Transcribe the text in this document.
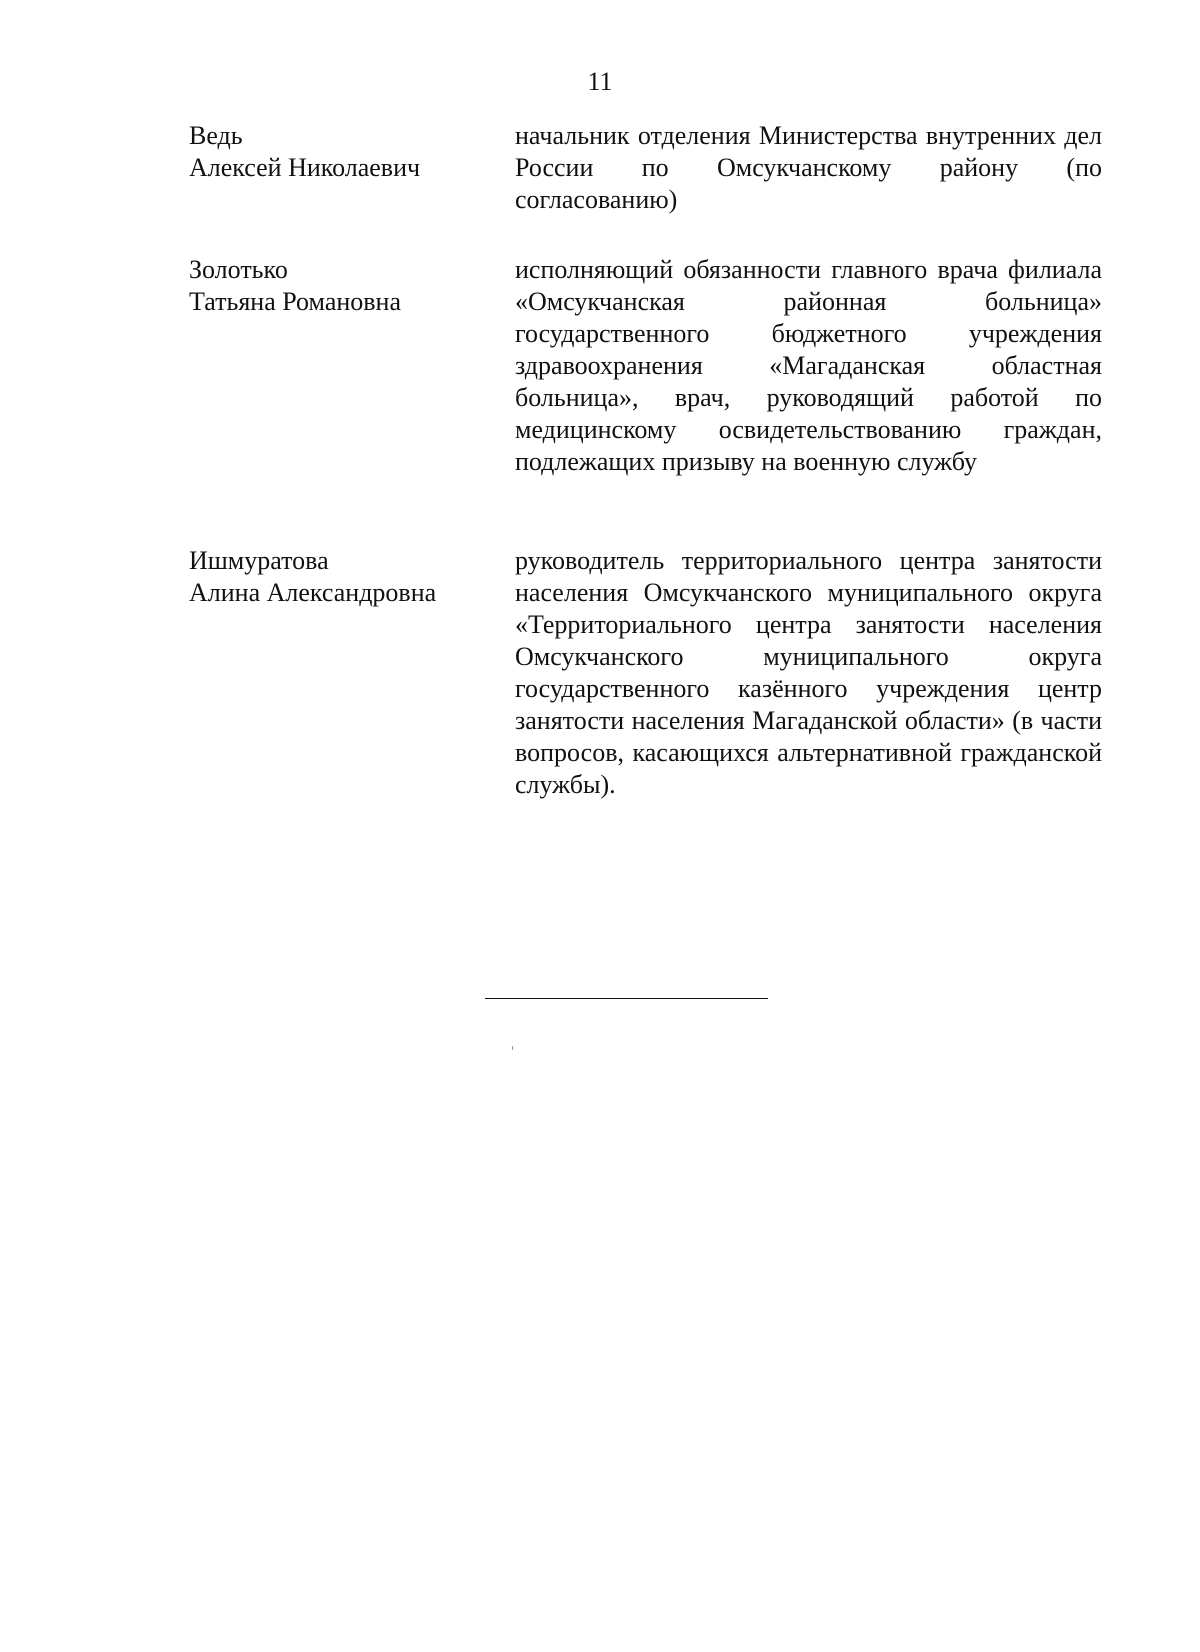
11
Ведь
Алексей Николаевич
начальник отделения Министерства внутренних дел России по Омсукчанскому району (по согласованию)
Золотько
Татьяна Романовна
исполняющий обязанности главного врача филиала «Омсукчанская районная больница» государственного бюджетного учреждения здравоохранения «Магаданская областная больница», врач, руководящий работой по медицинскому освидетельствованию граждан, подлежащих призыву на военную службу
Ишмуратова
Алина Александровна
руководитель территориального центра занятости населения Омсукчанского муниципального округа «Территориального центра занятости населения Омсукчанского муниципального округа государственного казённого учреждения центр занятости населения Магаданской области» (в части вопросов, касающихся альтернативной гражданской службы).
